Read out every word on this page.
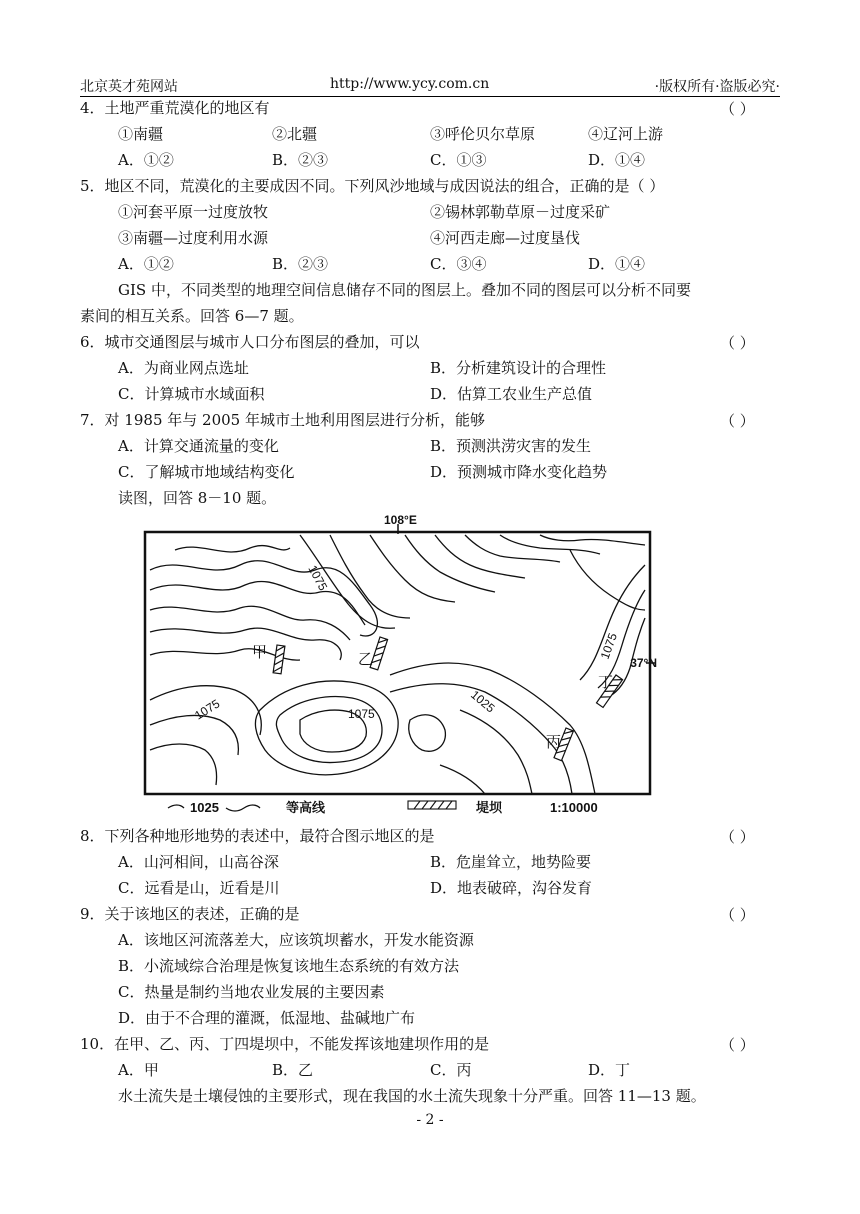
北京英才苑网站	http://www.ycy.com.cn	·版权所有·盗版必究·
4．土地严重荒漠化的地区有	（ ）
①南疆	②北疆	③呼伦贝尔草原	④辽河上游
A．①②	B．②③	C．①③	D．①④
5．地区不同，荒漠化的主要成因不同。下列风沙地域与成因说法的组合，正确的是（ ）
①河套平原一过度放牧	②锡林郭勒草原－过度采矿
③南疆—过度利用水源	④河西走廊—过度垦伐
A．①②	B．②③	C．③④	D．①④
GIS 中，不同类型的地理空间信息储存不同的图层上。叠加不同的图层可以分析不同要
素间的相互关系。回答 6—7 题。
6．城市交通图层与城市人口分布图层的叠加，可以	（ ）
A．为商业网点选址	B．分析建筑设计的合理性
C．计算城市水域面积	D．估算工农业生产总值
7．对 1985 年与 2005 年城市土地利用图层进行分析，能够	（ ）
A．计算交通流量的变化	B．预测洪涝灾害的发生
C．了解城市地域结构变化	D．预测城市降水变化趋势
读图，回答 8－10 题。
108°E
37°N
1075
1075	1075
1075
1025
甲	乙
丙
丁
1025	等高线	堤坝	1:10000
8．下列各种地形地势的表述中，最符合图示地区的是	（ ）
A．山河相间，山高谷深	B．危崖耸立，地势险要
C．远看是山，近看是川	D．地表破碎，沟谷发育
9．关于该地区的表述，正确的是	（ ）
A．该地区河流落差大，应该筑坝蓄水，开发水能资源
B．小流域综合治理是恢复该地生态系统的有效方法
C．热量是制约当地农业发展的主要因素
D．由于不合理的灌溉，低湿地、盐碱地广布
10．在甲、乙、丙、丁四堤坝中，不能发挥该地建坝作用的是	（ ）
A．甲	B．乙	C．丙	D．丁
水土流失是土壤侵蚀的主要形式，现在我国的水土流失现象十分严重。回答 11—13 题。
- 2 -
